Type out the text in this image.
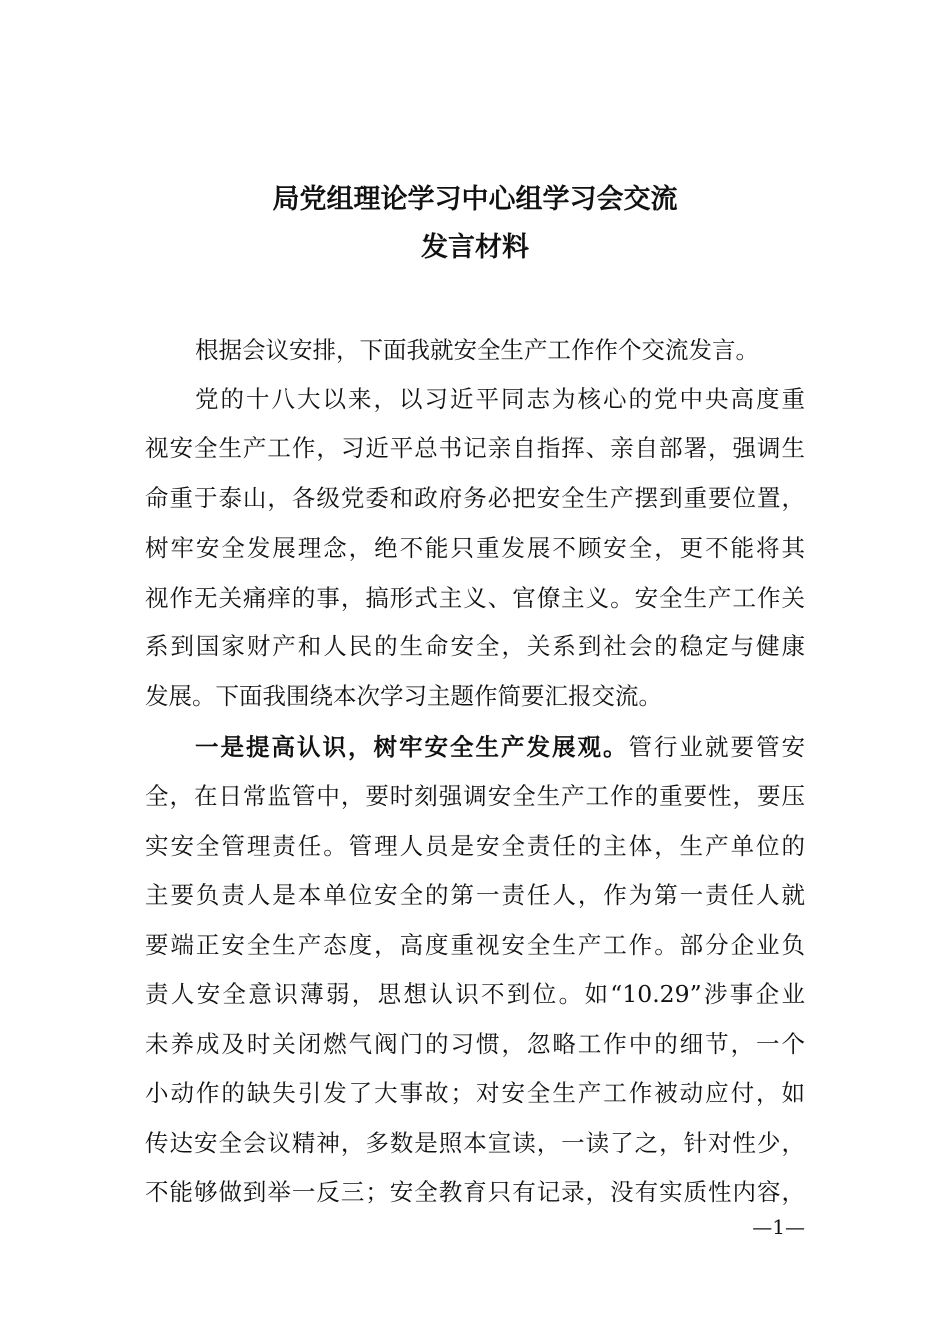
局党组理论学习中心组学习会交流
发言材料
根据会议安排，下面我就安全生产工作作个交流发言。
党的十八大以来，以习近平同志为核心的党中央高度重
视安全生产工作，习近平总书记亲自指挥、亲自部署，强调生
命重于泰山，各级党委和政府务必把安全生产摆到重要位置，
树牢安全发展理念，绝不能只重发展不顾安全，更不能将其
视作无关痛痒的事，搞形式主义、官僚主义。安全生产工作关
系到国家财产和人民的生命安全，关系到社会的稳定与健康
发展。下面我围绕本次学习主题作简要汇报交流。
一是提高认识，树牢安全生产发展观。管行业就要管安
全，在日常监管中，要时刻强调安全生产工作的重要性，要压
实安全管理责任。管理人员是安全责任的主体，生产单位的
主要负责人是本单位安全的第一责任人，作为第一责任人就
要端正安全生产态度，高度重视安全生产工作。部分企业负
责人安全意识薄弱，思想认识不到位。如“10.29”涉事企业
未养成及时关闭燃气阀门的习惯，忽略工作中的细节，一个
小动作的缺失引发了大事故；对安全生产工作被动应付，如
传达安全会议精神，多数是照本宣读，一读了之，针对性少，
不能够做到举一反三；安全教育只有记录，没有实质性内容，
—1—
